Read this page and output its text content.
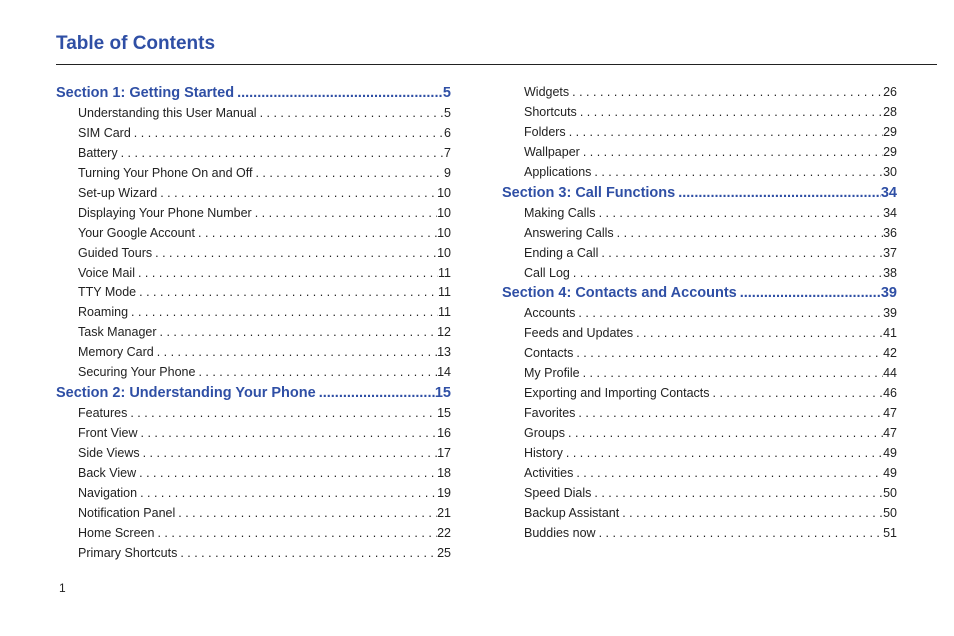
Table of Contents
Section 1: Getting Started .....	5
Understanding this User Manual . . .	5
SIM Card . . .	6
Battery . . .	7
Turning Your Phone On and Off . . .	9
Set-up Wizard . . .	10
Displaying Your Phone Number . . .	10
Your Google Account . . .	10
Guided Tours . . .	10
Voice Mail . . .	11
TTY Mode . . .	11
Roaming . . .	11
Task Manager . . .	12
Memory Card . . .	13
Securing Your Phone . . .	14
Section 2: Understanding Your Phone .....	15
Features . . .	15
Front View . . .	16
Side Views . . .	17
Back View . . .	18
Navigation . . .	19
Notification Panel . . .	21
Home Screen . . .	22
Primary Shortcuts . . .	25
Widgets . . .	26
Shortcuts . . .	28
Folders . . .	29
Wallpaper . . .	29
Applications . . .	30
Section 3: Call Functions .....	34
Making Calls . . .	34
Answering Calls . . .	36
Ending a Call . . .	37
Call Log . . .	38
Section 4: Contacts and Accounts .....	39
Accounts . . .	39
Feeds and Updates . . .	41
Contacts . . .	42
My Profile . . .	44
Exporting and Importing Contacts . . .	46
Favorites . . .	47
Groups . . .	47
History . . .	49
Activities . . .	49
Speed Dials . . .	50
Backup Assistant . . .	50
Buddies now . . .	51
1
